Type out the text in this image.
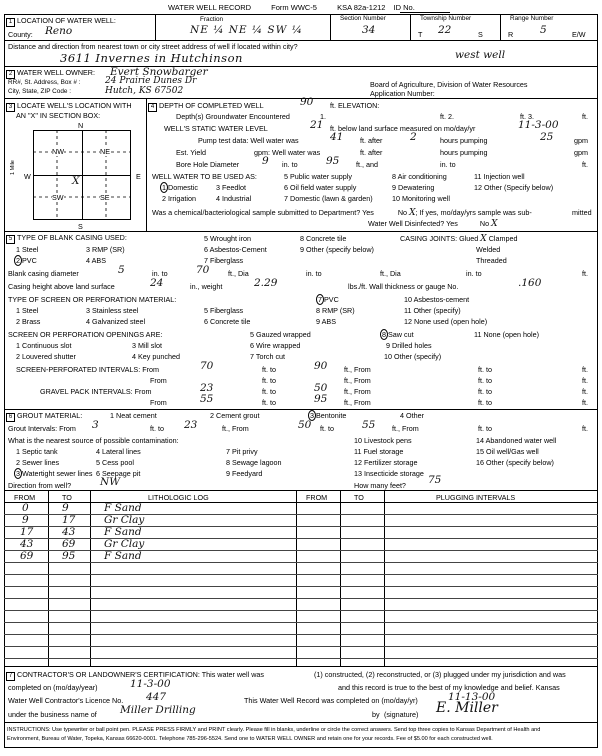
WATER WELL RECORD	Form WWC-5	KSA 82a-1212 ID No.
1 LOCATION OF WATER WELL:	Fraction	Section Number	Township Number	Range Number
County: Reno	NE ¼ NE ¼ SW ¼	34	T 22	S	R	5	E/W
Distance and direction from nearest town or city street address of well if located within city?
3611 Invernes in Hutchinson	west well
2 WATER WELL OWNER: Evert Snowbarger
RR#, St. Address, Box # :	24 Prairie Dunes Dr
City, State, ZIP Code :	Hutch, KS 67502
Board of Agriculture, Division of Water Resources
Application Number:
3 LOCATE WELL'S LOCATION WITH
AN "X" IN SECTION BOX:
N
S
W	E
NW	NE
SW	SE
X
1 Mile
4 DEPTH OF COMPLETED WELL	90 ft. ELEVATION:
Depth(s) Groundwater Encountered	1.	ft. 2.	ft. 3.	ft.
WELL'S STATIC WATER LEVEL	21 ft. below land surface measured on mo/day/yr	11-3-00
Pump test data: Well water was	41 ft. after	2	hours pumping	25	gpm
Est. Yield	gpm: Well water was	ft. after	hours pumping	gpm
Bore Hole Diameter 9 in. to	95 ft., and	in. to	ft.
WELL WATER TO BE USED AS:	5 Public water supply	8 Air conditioning	11 Injection well
1 Domestic	3 Feedlot	6 Oil field water supply	9 Dewatering	12 Other (Specify below)
2 Irrigation	4 Industrial	7 Domestic (lawn & garden)	10 Monitoring well
Was a chemical/bacteriological sample submitted to Department? Yes	No X; If yes, mo/day/yrs sample was sub-	mitted
Water Well Disinfected? Yes	No X
5 TYPE OF BLANK CASING USED:	5 Wrought iron	8 Concrete tile	CASING JOINTS: Glued X Clamped
1 Steel	3 RMP (SR)	6 Asbestos-Cement	9 Other (specify below)	Welded
2 PVC	4 ABS	7 Fiberglass	Threaded
Blank casing diameter	5	in. to	70	ft., Dia	in. to	ft., Dia	in. to	ft.
Casing height above land surface	24	in., weight	2.29	lbs./ft. Wall thickness or gauge No.	.160
TYPE OF SCREEN OR PERFORATION MATERIAL:	7 PVC	10 Asbestos-cement
1 Steel	3 Stainless steel	5 Fiberglass	8 RMP (SR)	11 Other (specify)
2 Brass	4 Galvanized steel	6 Concrete tile	9 ABS	12 None used (open hole)
SCREEN OR PERFORATION OPENINGS ARE:	5 Gauzed wrapped	8 Saw cut	11 None (open hole)
1 Continuous slot	3 Mill slot	6 Wire wrapped	9 Drilled holes
2 Louvered shutter	4 Key punched	7 Torch cut	10 Other (specify)
SCREEN-PERFORATED INTERVALS: From	70	ft. to	90 ft., From	ft. to	ft.
From	ft. to	ft., From	ft. to	ft.
GRAVEL PACK INTERVALS: From	23	ft. to	50 ft., From	ft. to	ft.
From	55	ft. to	95 ft., From	ft. to	ft.
6 GROUT MATERIAL:	1 Neat cement	2 Cement grout	3 Bentonite	4 Other
Grout Intervals: From 3	ft. to 23	ft., From	50 ft. to	55 ft., From	ft. to	ft.
What is the nearest source of possible contamination:	10 Livestock pens	14 Abandoned water well
1 Septic tank	4 Lateral lines	7 Pit privy	11 Fuel storage	15 Oil well/Gas well
2 Sewer lines	5 Cess pool	8 Sewage lagoon	12 Fertilizer storage	16 Other (specify below)
3 Watertight sewer lines 6 Seepage pit	9 Feedyard	13 Insecticide storage
Direction from well?	NW	How many feet? 75
FROM	TO	LITHOLOGIC LOG	FROM	TO	PLUGGING INTERVALS
0	9	F Sand
9	17	Gr Clay
17	43	F Sand
43	69	Gr Clay
69	95	F Sand
7 CONTRACTOR'S OR LANDOWNER'S CERTIFICATION: This water well was	(1) constructed, (2) reconstructed, or (3) plugged under my jurisdiction and was
completed on (mo/day/year)	11-3-00	and this record is true to the best of my knowledge and belief. Kansas
Water Well Contractor's Licence No. 447	This Water Well Record was completed on (mo/day/yr)	11-13-00
under the business name of Miller Drilling	by (signature) E. Miller
INSTRUCTIONS: Use typewriter or ball point pen. PLEASE PRESS FIRMLY and PRINT clearly. Please fill in blanks, underline or circle the correct answers. Send top three copies to Kansas Department of Health and
Environment, Bureau of Water, Topeka, Kansas 66620-0001. Telephone 785-296-5524. Send one to WATER WELL OWNER and retain one for your records. Fee of $5.00 for each constructed well.
